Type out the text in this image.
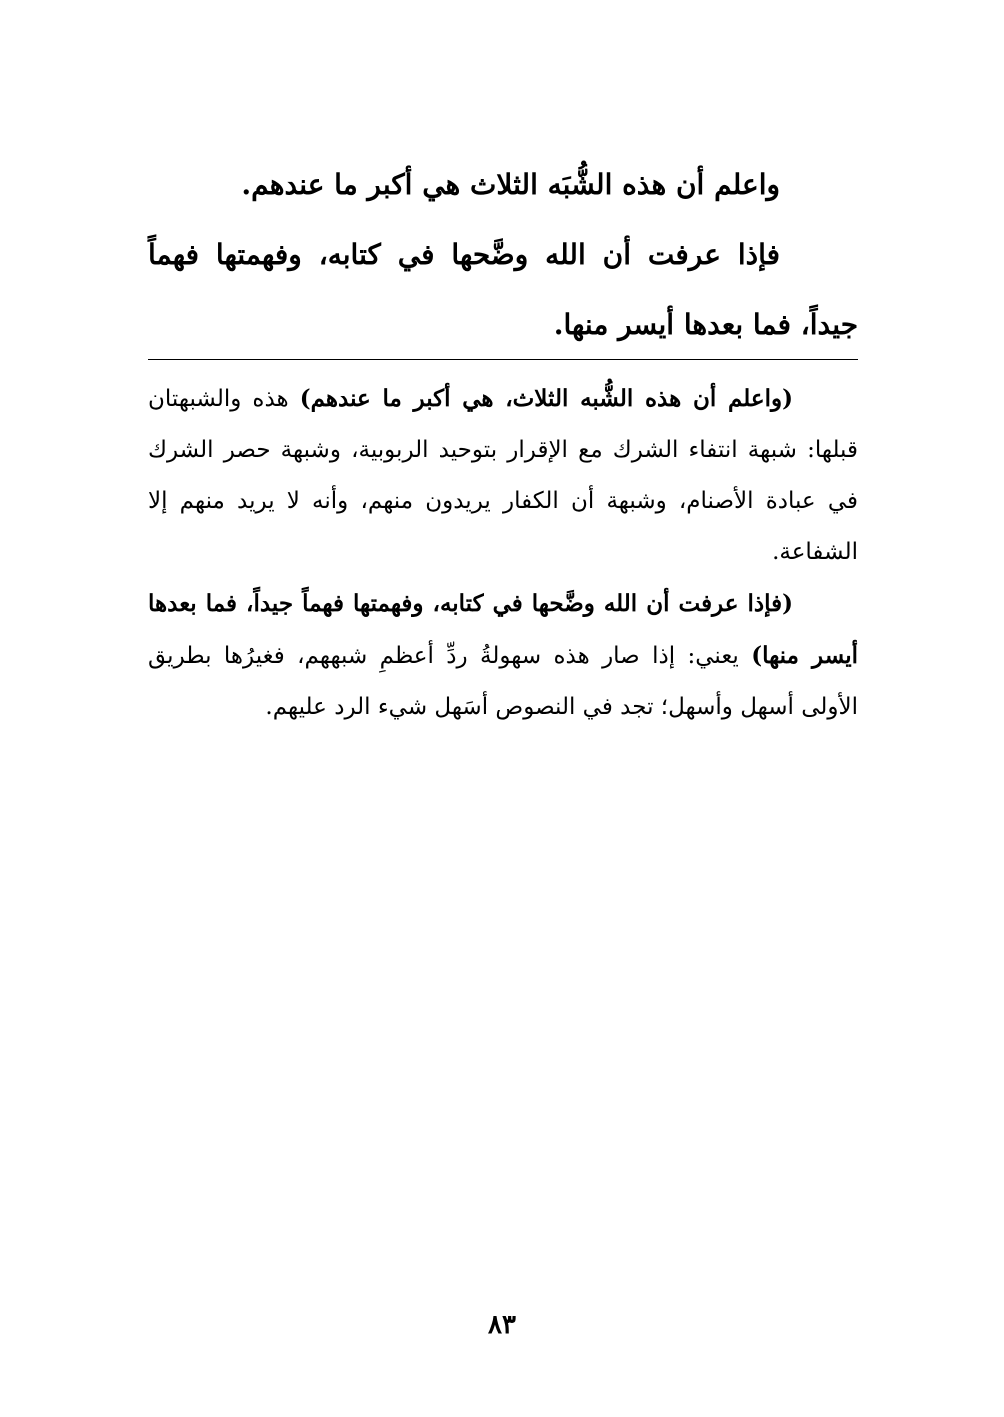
واعلم أن هذه الشُّبَه الثلاث هي أكبر ما عندهم.

فإذا عرفت أن الله وضَّحها في كتابه، وفهمتها فهماً جيداً، فما بعدها أيسر منها.

(واعلم أن هذه الشُّبه الثلاث، هي أكبر ما عندهم) هذه والشبهتان قبلها: شبهة انتفاء الشرك مع الإقرار بتوحيد الربوبية، وشبهة حصر الشرك في عبادة الأصنام، وشبهة أن الكفار يريدون منهم، وأنه لا يريد منهم إلا الشفاعة.

(فإذا عرفت أن الله وضَّحها في كتابه، وفهمتها فهماً جيداً، فما بعدها أيسر منها) يعني: إذا صار هذه سهولةُ ردِّ أعظمِ شبههم، فغيرُها بطريق الأولى أسهل وأسهل؛ تجد في النصوص أسَهل شيء الرد عليهم.

٨٣
